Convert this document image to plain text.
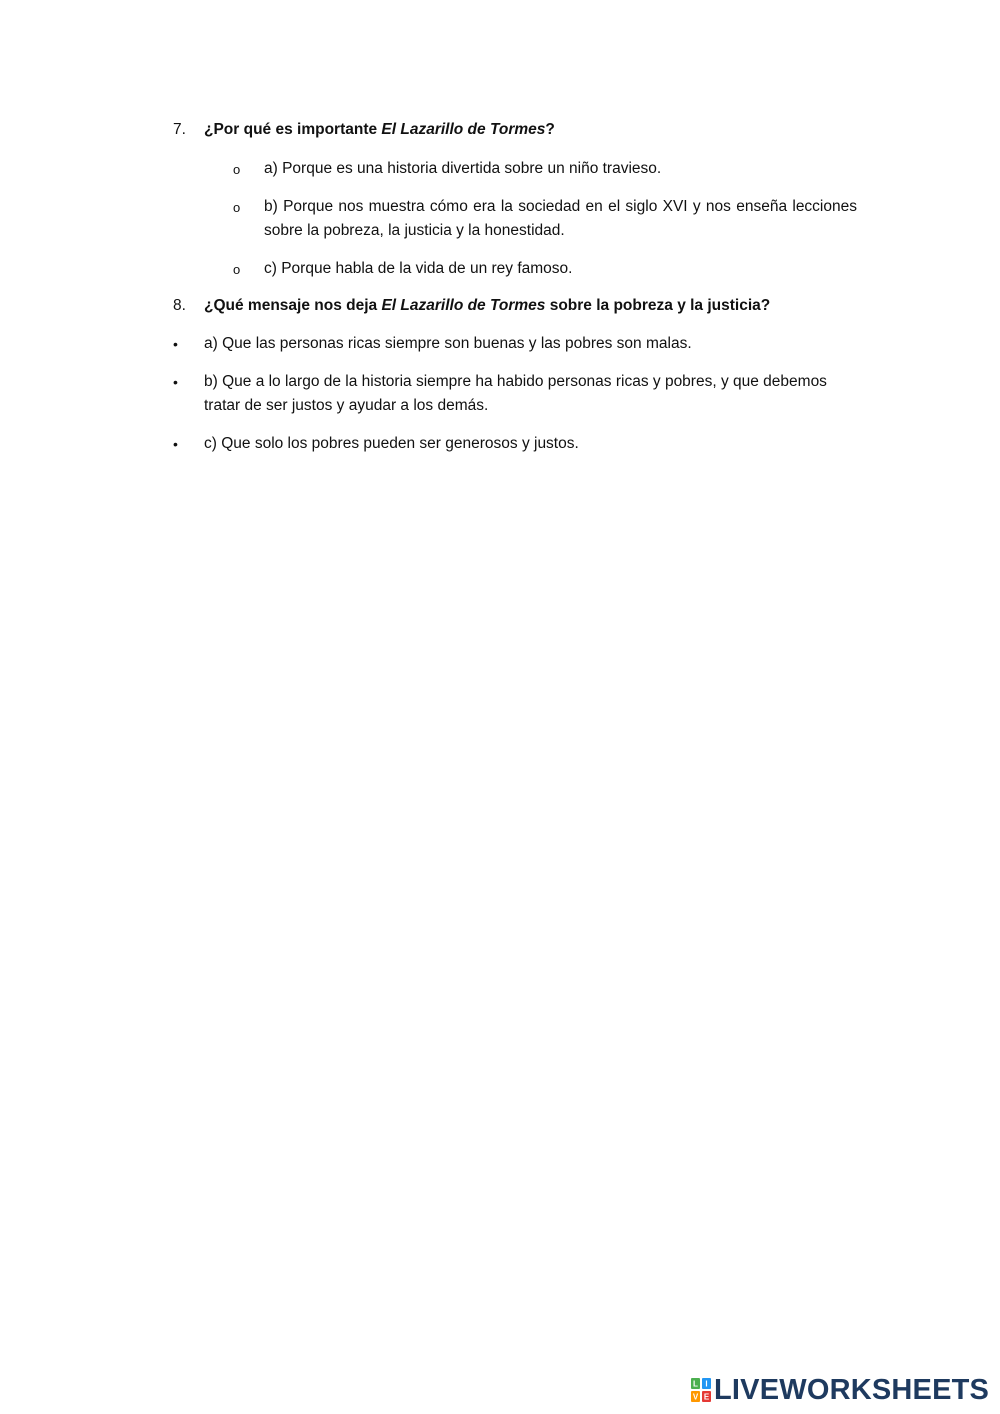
7.	¿Por qué es importante El Lazarillo de Tormes?
o	a) Porque es una historia divertida sobre un niño travieso.
o	b) Porque nos muestra cómo era la sociedad en el siglo XVI y nos enseña lecciones sobre la pobreza, la justicia y la honestidad.
o	c) Porque habla de la vida de un rey famoso.
8.	¿Qué mensaje nos deja El Lazarillo de Tormes sobre la pobreza y la justicia?
•	a) Que las personas ricas siempre son buenas y las pobres son malas.
•	b) Que a lo largo de la historia siempre ha habido personas ricas y pobres, y que debemos tratar de ser justos y ayudar a los demás.
•	c) Que solo los pobres pueden ser generosos y justos.
L I
V E LIVEWORKSHEETS
